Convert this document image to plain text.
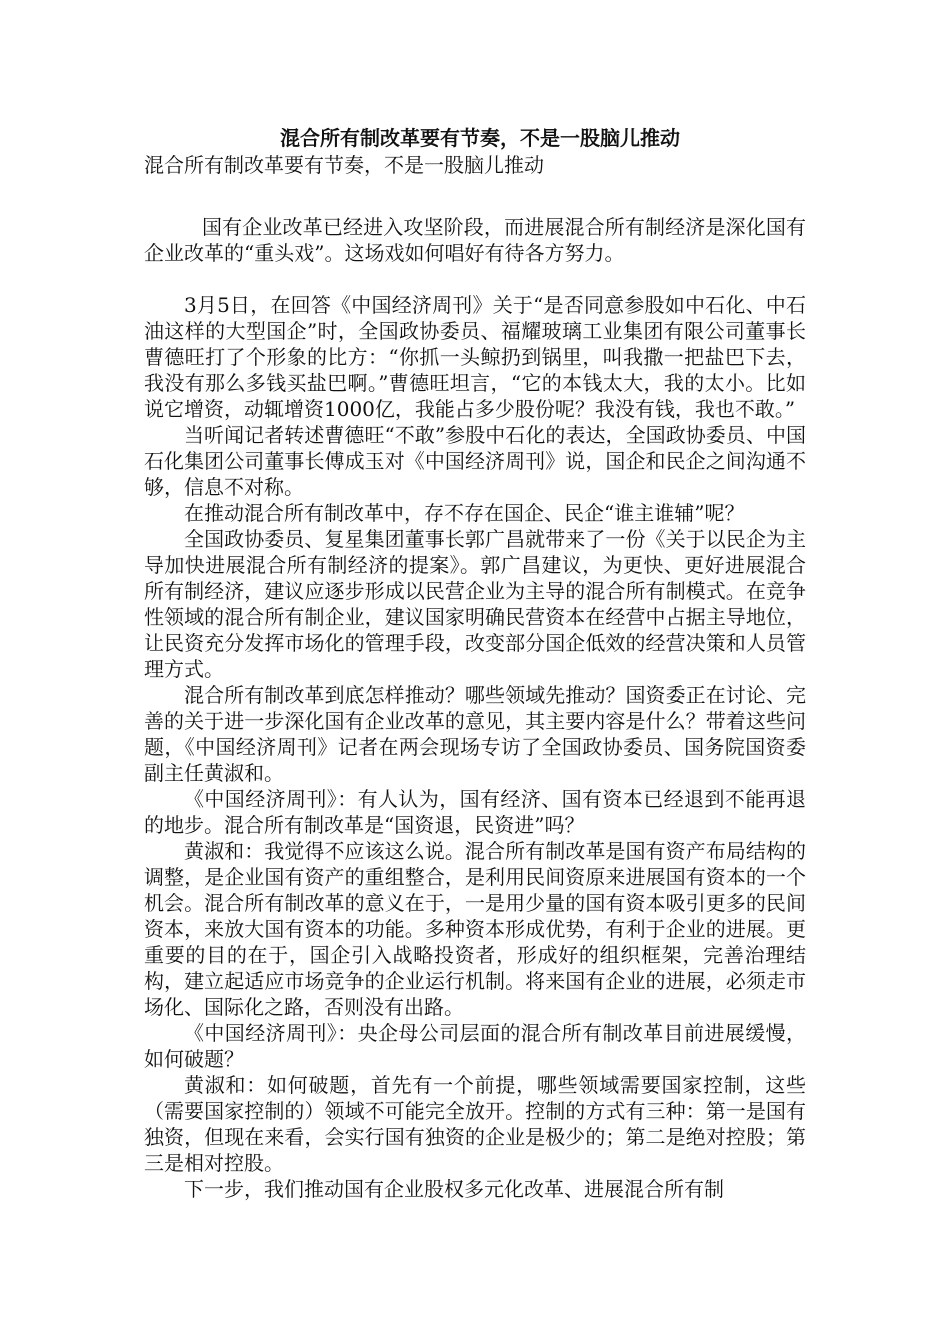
混合所有制改革要有节奏，不是一股脑儿推动

混合所有制改革要有节奏，不是一股脑儿推动

国有企业改革已经进入攻坚阶段，而进展混合所有制经济是深化国有企业改革的“重头戏”。这场戏如何唱好有待各方努力。

3月5日，在回答《中国经济周刊》关于“是否同意参股如中石化、中石油这样的大型国企”时，全国政协委员、福耀玻璃工业集团有限公司董事长曹德旺打了个形象的比方：“你抓一头鲸扔到锅里，叫我撒一把盐巴下去，我没有那么多钱买盐巴啊。”曹德旺坦言，“它的本钱太大，我的太小。比如说它增资，动辄增资1000亿，我能占多少股份呢？我没有钱，我也不敢。”

当听闻记者转述曹德旺“不敢”参股中石化的表达，全国政协委员、中国石化集团公司董事长傅成玉对《中国经济周刊》说，国企和民企之间沟通不够，信息不对称。

在推动混合所有制改革中，存不存在国企、民企“谁主谁辅”呢？

全国政协委员、复星集团董事长郭广昌就带来了一份《关于以民企为主导加快进展混合所有制经济的提案》。郭广昌建议，为更快、更好进展混合所有制经济，建议应逐步形成以民营企业为主导的混合所有制模式。在竞争性领域的混合所有制企业，建议国家明确民营资本在经营中占据主导地位，让民资充分发挥市场化的管理手段，改变部分国企低效的经营决策和人员管理方式。

混合所有制改革到底怎样推动？哪些领域先推动？国资委正在讨论、完善的关于进一步深化国有企业改革的意见，其主要内容是什么？带着这些问题，《中国经济周刊》记者在两会现场专访了全国政协委员、国务院国资委副主任黄淑和。

《中国经济周刊》：有人认为，国有经济、国有资本已经退到不能再退的地步。混合所有制改革是“国资退，民资进”吗？

黄淑和：我觉得不应该这么说。混合所有制改革是国有资产布局结构的调整，是企业国有资产的重组整合，是利用民间资原来进展国有资本的一个机会。混合所有制改革的意义在于，一是用少量的国有资本吸引更多的民间资本，来放大国有资本的功能。多种资本形成优势，有利于企业的进展。更重要的目的在于，国企引入战略投资者，形成好的组织框架，完善治理结构，建立起适应市场竞争的企业运行机制。将来国有企业的进展，必须走市场化、国际化之路，否则没有出路。

《中国经济周刊》：央企母公司层面的混合所有制改革目前进展缓慢，如何破题？

黄淑和：如何破题，首先有一个前提，哪些领域需要国家控制，这些（需要国家控制的）领域不可能完全放开。控制的方式有三种：第一是国有独资，但现在来看，会实行国有独资的企业是极少的；第二是绝对控股；第三是相对控股。

下一步，我们推动国有企业股权多元化改革、进展混合所有制
